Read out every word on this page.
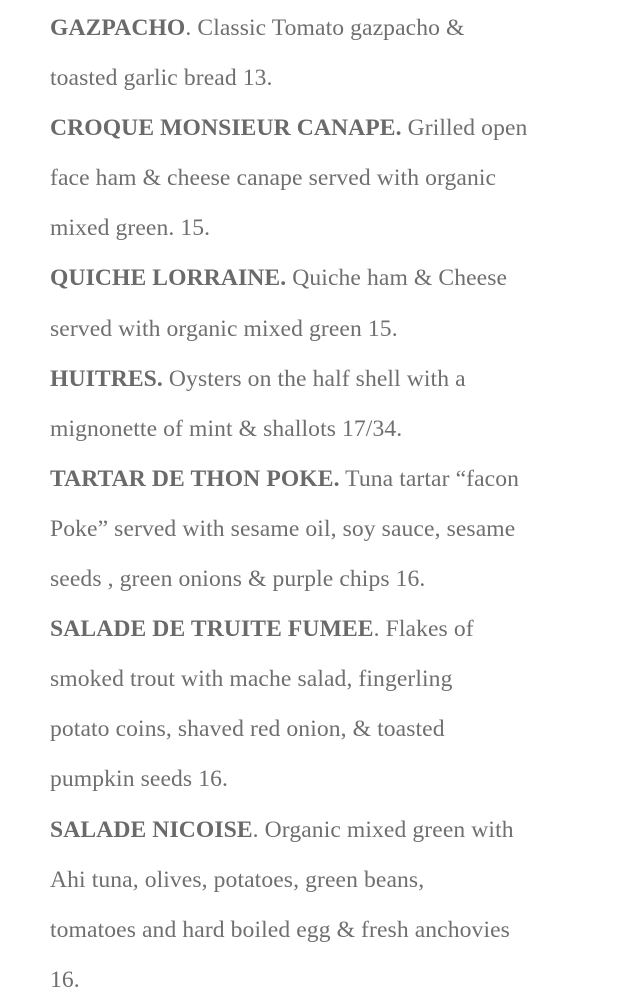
GAZPACHO. Classic Tomato gazpacho &
toasted garlic bread 13.

CROQUE MONSIEUR CANAPE. Grilled open
face ham & cheese canape served with organic
mixed green. 15.

QUICHE LORRAINE. Quiche ham & Cheese
served with organic mixed green 15.

HUITRES. Oysters on the half shell with a
mignonette of mint & shallots 17/34.

TARTAR DE THON POKE. Tuna tartar “facon
Poke” served with sesame oil, soy sauce, sesame
seeds , green onions & purple chips 16.

SALADE DE TRUITE FUMEE. Flakes of
smoked trout with mache salad, fingerling
potato coins, shaved red onion, & toasted
pumpkin seeds 16.

SALADE NICOISE. Organic mixed green with
Ahi tuna, olives, potatoes, green beans,
tomatoes and hard boiled egg & fresh anchovies
16.
